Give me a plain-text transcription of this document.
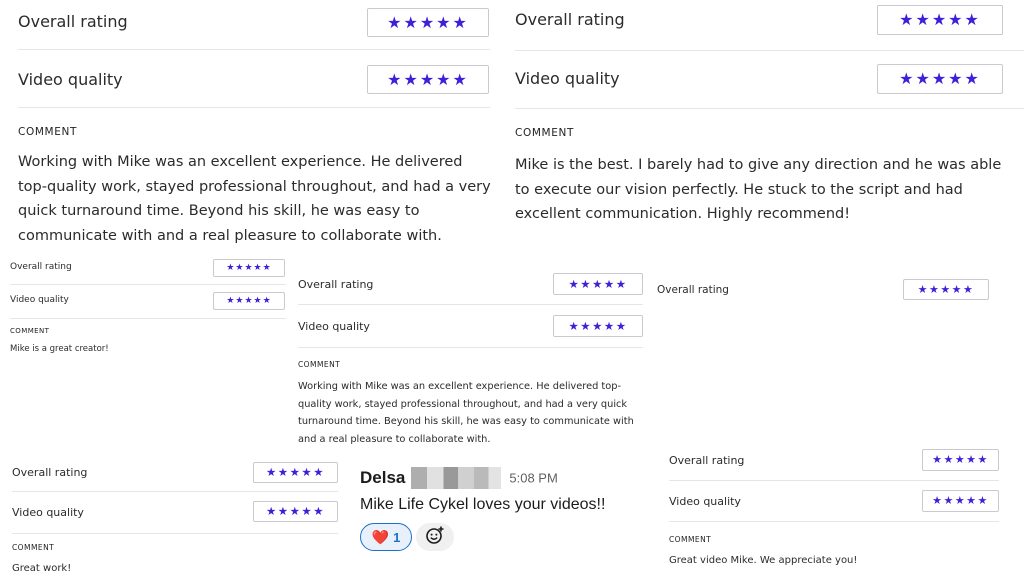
Overall rating	★★★★★
Video quality	★★★★★
COMMENT
Working with Mike was an excellent experience. He delivered top-quality work, stayed professional throughout, and had a very quick turnaround time. Beyond his skill, he was easy to communicate with and a real pleasure to collaborate with.
Overall rating	★★★★★
Video quality	★★★★★
COMMENT
Mike is the best. I barely had to give any direction and he was able to execute our vision perfectly. He stuck to the script and had excellent communication. Highly recommend!
Overall rating	★★★★★
Video quality	★★★★★
COMMENT
Mike is a great creator!
Overall rating	★★★★★
Video quality	★★★★★
COMMENT
Working with Mike was an excellent experience. He delivered top-quality work, stayed professional throughout, and had a very quick turnaround time. Beyond his skill, he was easy to communicate with and a real pleasure to collaborate with.
Overall rating	★★★★★
Overall rating	★★★★★
Video quality	★★★★★
COMMENT
Great work!
Overall rating	★★★★★
Video quality	★★★★★
COMMENT
Great video Mike. We appreciate you!
Delsa	5:08 PM
Mike Life Cykel loves your videos!!
❤️ 1
